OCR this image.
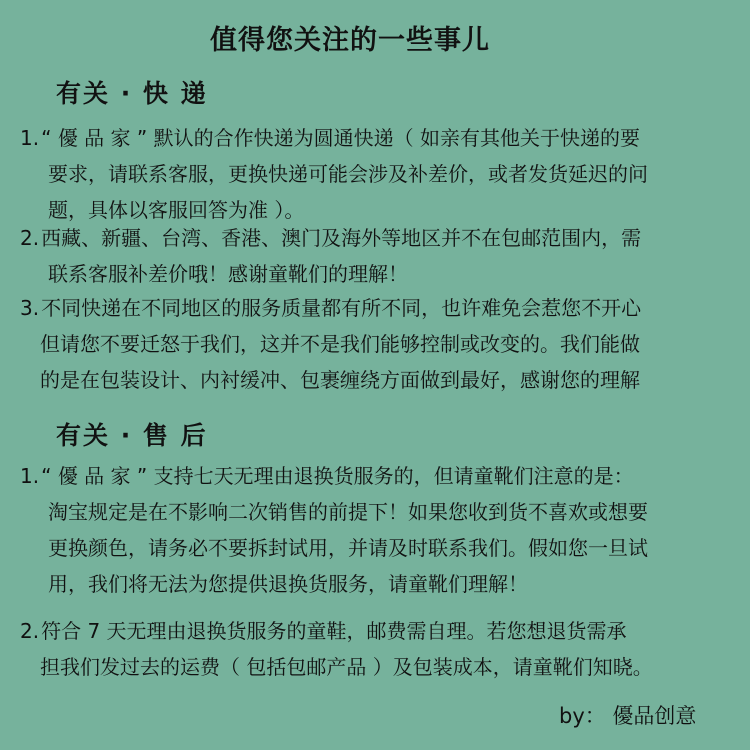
值得您关注的一些事儿
有关 · 快 递
1. “ 優 品 家 ” 默认的合作快递为圆通快递（ 如亲有其他关于快递的要
要求，请联系客服，更换快递可能会涉及补差价，或者发货延迟的问
题，具体以客服回答为准 ）。
2. 西藏、新疆、台湾、香港、澳门及海外等地区并不在包邮范围内，需
联系客服补差价哦！感谢童靴们的理解！
3. 不同快递在不同地区的服务质量都有所不同，也许难免会惹您不开心
但请您不要迁怒于我们，这并不是我们能够控制或改变的。我们能做
的是在包装设计、内衬缓冲、包裹缠绕方面做到最好，感谢您的理解
有关 · 售 后
1. “ 優 品 家 ” 支持七天无理由退换货服务的，但请童靴们注意的是：
淘宝规定是在不影响二次销售的前提下！如果您收到货不喜欢或想要
更换颜色，请务必不要拆封试用，并请及时联系我们。假如您一旦试
用，我们将无法为您提供退换货服务，请童靴们理解！
2. 符合 7 天无理由退换货服务的童鞋，邮费需自理。若您想退货需承
担我们发过去的运费（ 包括包邮产品 ）及包装成本，请童靴们知晓。
by： 優品创意
